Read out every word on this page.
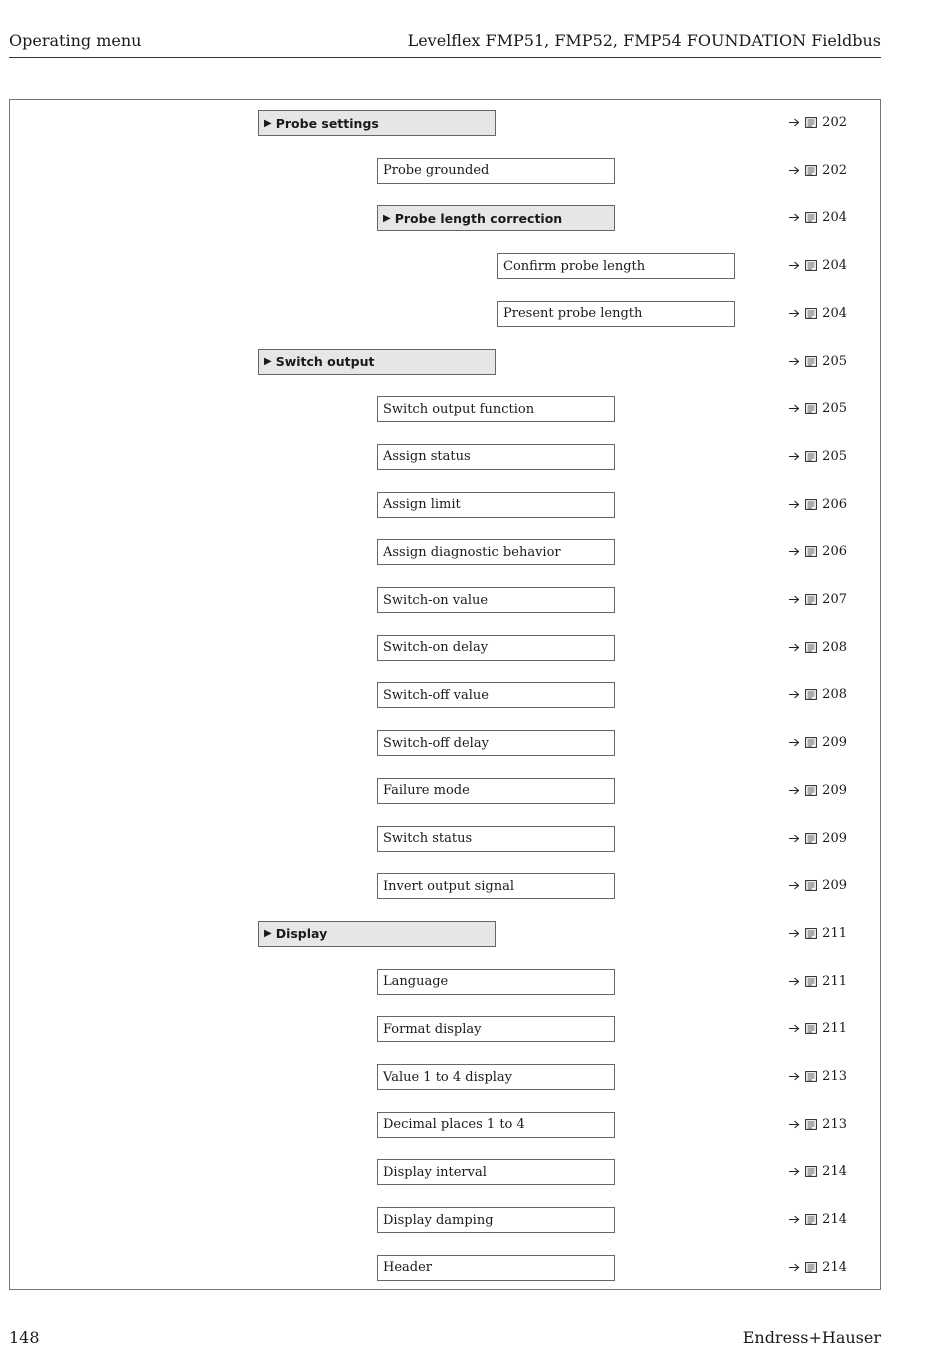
Operating menu	Levelflex FMP51, FMP52, FMP54 FOUNDATION Fieldbus
▶ Probe settings	202
Probe grounded	202
▶ Probe length correction	204
Confirm probe length	204
Present probe length	204
▶ Switch output	205
Switch output function	205
Assign status	205
Assign limit	206
Assign diagnostic behavior	206
Switch-on value	207
Switch-on delay	208
Switch-off value	208
Switch-off delay	209
Failure mode	209
Switch status	209
Invert output signal	209
▶ Display	211
Language	211
Format display	211
Value 1 to 4 display	213
Decimal places 1 to 4	213
Display interval	214
Display damping	214
Header	214
148	Endress+Hauser
